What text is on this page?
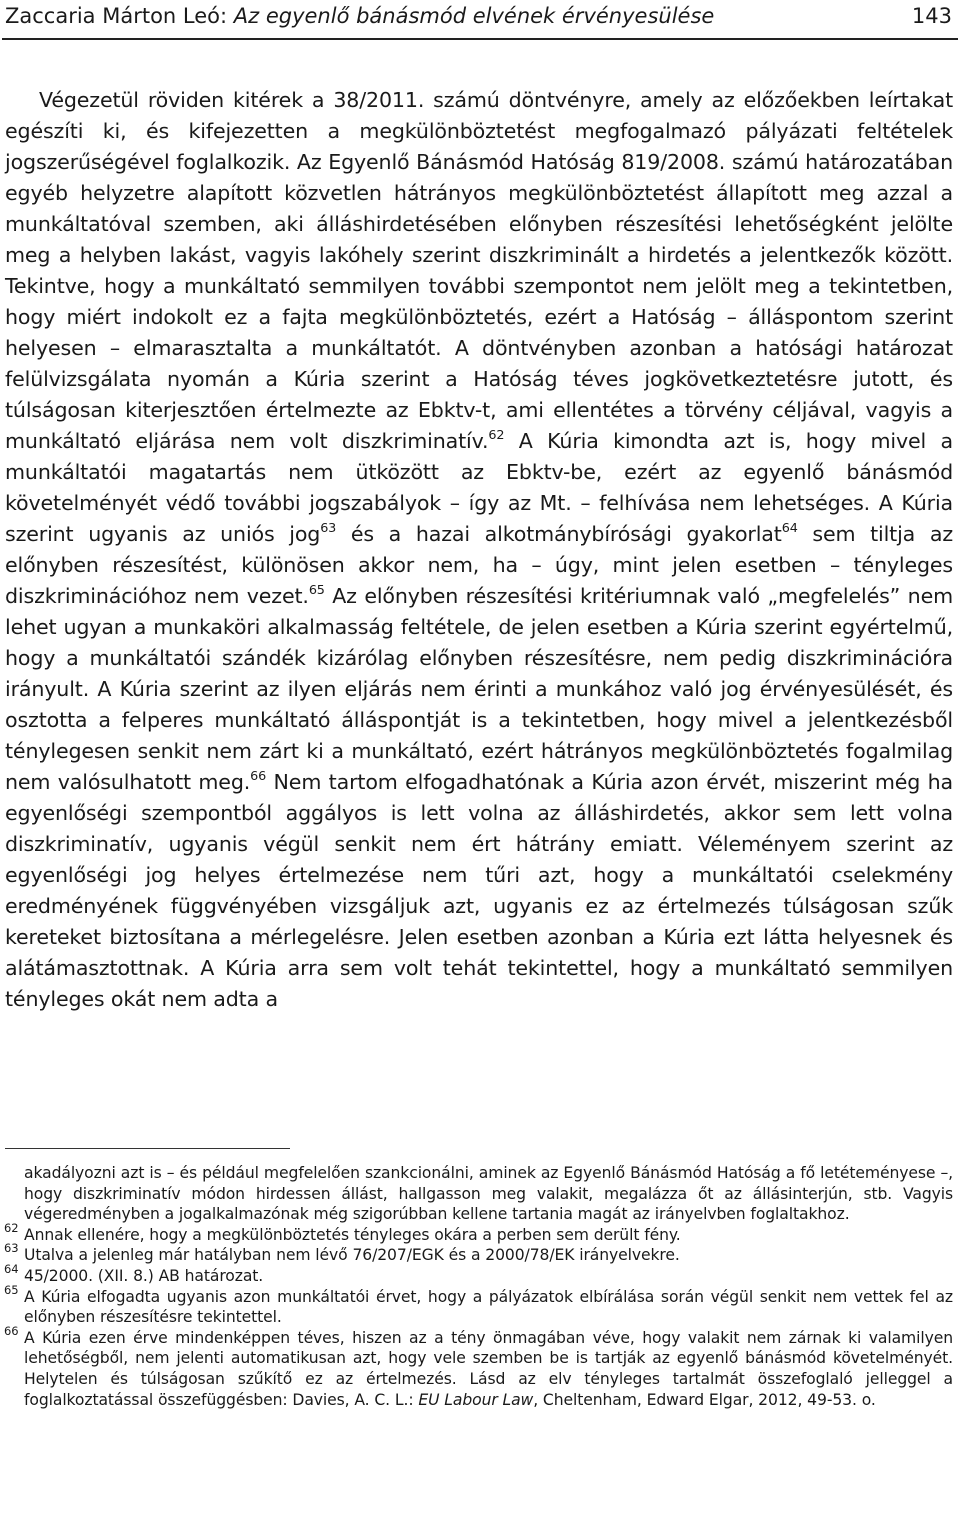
Zaccaria Márton Leó: Az egyenlő bánásmód elvének érvényesülése	143

Végezetül röviden kitérek a 38/2011. számú döntvényre, amely az előzőekben leírtakat egészíti ki, és kifejezetten a megkülönböztetést megfogalmazó pályázati feltételek jogszerűségével foglalkozik. Az Egyenlő Bánásmód Hatóság 819/2008. számú határozatában egyéb helyzetre alapított közvetlen hátrányos megkülönböztetést állapított meg azzal a munkáltatóval szemben, aki álláshirdetésében előnyben részesítési lehetőségként jelölte meg a helyben lakást, vagyis lakóhely szerint diszkriminált a hirdetés a jelentkezők között. Tekintve, hogy a munkáltató semmilyen további szempontot nem jelölt meg a tekintetben, hogy miért indokolt ez a fajta megkülönböztetés, ezért a Hatóság – álláspontom szerint helyesen – elmarasztalta a munkáltatót. A döntvényben azonban a hatósági határozat felülvizsgálata nyomán a Kúria szerint a Hatóság téves jogkövetkeztetésre jutott, és túlságosan kiterjesztően értelmezte az Ebktv-t, ami ellentétes a törvény céljával, vagyis a munkáltató eljárása nem volt diszkriminatív.$^{62}$ A Kúria kimondta azt is, hogy mivel a munkáltatói magatartás nem ütközött az Ebktv-be, ezért az egyenlő bánásmód követelményét védő további jogszabályok – így az Mt. – felhívása nem lehetséges. A Kúria szerint ugyanis az uniós jog$^{63}$ és a hazai alkotmánybírósági gyakorlat$^{64}$ sem tiltja az előnyben részesítést, különösen akkor nem, ha – úgy, mint jelen esetben – tényleges diszkriminációhoz nem vezet.$^{65}$ Az előnyben részesítési kritériumnak való „megfelelés” nem lehet ugyan a munkaköri alkalmasság feltétele, de jelen esetben a Kúria szerint egyértelmű, hogy a munkáltatói szándék kizárólag előnyben részesítésre, nem pedig diszkriminációra irányult. A Kúria szerint az ilyen eljárás nem érinti a munkához való jog érvényesülését, és osztotta a felperes munkáltató álláspontját is a tekintetben, hogy mivel a jelentkezésből ténylegesen senkit nem zárt ki a munkáltató, ezért hátrányos megkülönböztetés fogalmilag nem valósulhatott meg.$^{66}$ Nem tartom elfogadhatónak a Kúria azon érvét, miszerint még ha egyenlőségi szempontból aggályos is lett volna az álláshirdetés, akkor sem lett volna diszkriminatív, ugyanis végül senkit nem ért hátrány emiatt. Véleményem szerint az egyenlőségi jog helyes értelmezése nem tűri azt, hogy a munkáltatói cselekmény eredményének függvényében vizsgáljuk azt, ugyanis ez az értelmezés túlságosan szűk kereteket biztosítana a mérlegelésre. Jelen esetben azonban a Kúria ezt látta helyesnek és alátámasztottnak. A Kúria arra sem volt tehát tekintettel, hogy a munkáltató semmilyen tényleges okát nem adta a

akadályozni azt is – és például megfelelően szankcionálni, aminek az Egyenlő Bánásmód Hatóság a fő letéteményese –, hogy diszkriminatív módon hirdessen állást, hallgasson meg valakit, megalázza őt az állásinterjún, stb. Vagyis végeredményben a jogalkalmazónak még szigorúbban kellene tartania magát az irányelvben foglaltakhoz.

62 Annak ellenére, hogy a megkülönböztetés tényleges okára a perben sem derült fény.

63 Utalva a jelenleg már hatályban nem lévő 76/207/EGK és a 2000/78/EK irányelvekre.

64 45/2000. (XII. 8.) AB határozat.

65 A Kúria elfogadta ugyanis azon munkáltatói érvet, hogy a pályázatok elbírálása során végül senkit nem vettek fel az előnyben részesítésre tekintettel.

66 A Kúria ezen érve mindenképpen téves, hiszen az a tény önmagában véve, hogy valakit nem zárnak ki valamilyen lehetőségből, nem jelenti automatikusan azt, hogy vele szemben be is tartják az egyenlő bánásmód követelményét. Helytelen és túlságosan szűkítő ez az értelmezés. Lásd az elv tényleges tartalmát összefoglaló jelleggel a foglalkoztatással összefüggésben: Davies, A. C. L.: EU Labour Law, Cheltenham, Edward Elgar, 2012, 49-53. o.
